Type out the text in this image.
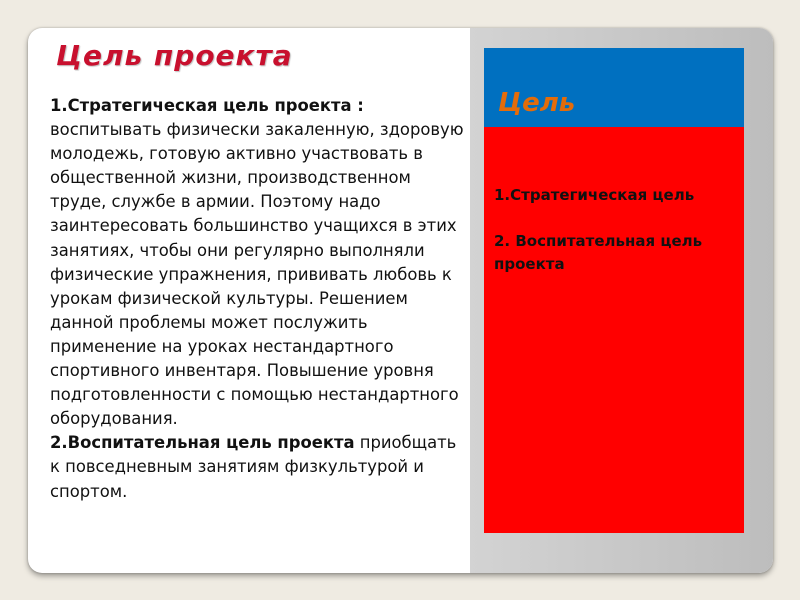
Цель проекта

1.Стратегическая цель проекта : воспитывать физически закаленную, здоровую молодежь, готовую активно участвовать в общественной жизни, производственном труде, службе в армии. Поэтому надо заинтересовать большинство учащихся в этих занятиях, чтобы они регулярно выполняли физические упражнения, прививать любовь к урокам физической культуры. Решением данной проблемы может послужить применение на уроках нестандартного спортивного инвентаря. Повышение уровня подготовленности с помощью нестандартного оборудования.

2.Воспитательная цель проекта приобщать к повседневным занятиям физкультурой и спортом.

Цель
1.Стратегическая цель
2. Воспитательная цель проекта
